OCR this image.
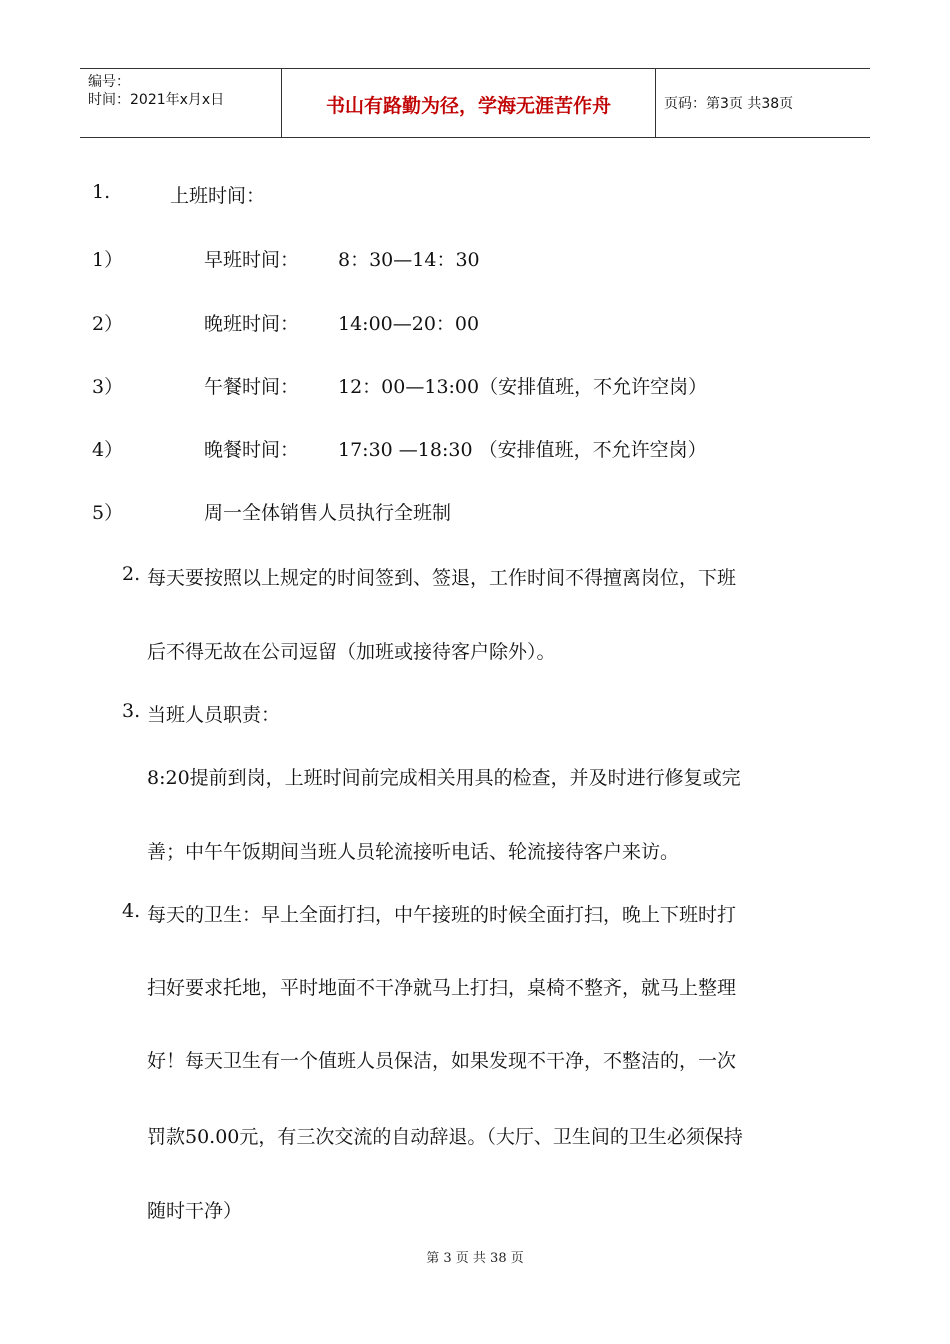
编号：
时间：2021年x月x日	书山有路勤为径，学海无涯苦作舟	页码：第3页 共38页
1.	上班时间：
1）	早班时间： 8：30—14：30
2）	晚班时间： 14:00—20：00
3）	午餐时间： 12：00—13:00（安排值班，不允许空岗）
4）	晚餐时间： 17:30 —18:30 （安排值班，不允许空岗）
5）	周一全体销售人员执行全班制
2. 每天要按照以上规定的时间签到、签退，工作时间不得擅离岗位，下班
后不得无故在公司逗留（加班或接待客户除外）。
3. 当班人员职责：
8:20提前到岗，上班时间前完成相关用具的检查，并及时进行修复或完
善；中午午饭期间当班人员轮流接听电话、轮流接待客户来访。
4. 每天的卫生：早上全面打扫，中午接班的时候全面打扫，晚上下班时打
扫好要求托地，平时地面不干净就马上打扫，桌椅不整齐，就马上整理
好！每天卫生有一个值班人员保洁，如果发现不干净，不整洁的，一次
罚款50.00元，有三次交流的自动辞退。（大厅、卫生间的卫生必须保持
随时干净）
第 3 页 共 38 页
